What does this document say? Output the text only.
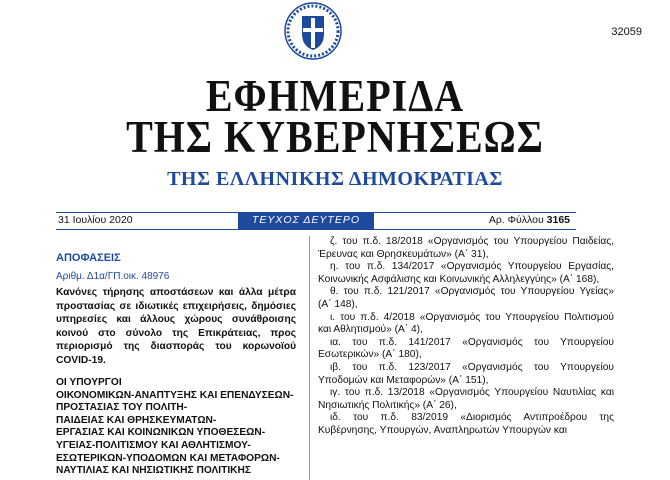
32059
ΕΦΗΜΕΡΙΔΑ
ΤΗΣ ΚΥΒΕΡΝΗΣΕΩΣ
ΤΗΣ ΕΛΛΗΝΙΚΗΣ ΔΗΜΟΚΡΑΤΙΑΣ
31 Ιουλίου 2020	ΤΕΥΧΟΣ ΔΕΥΤΕΡΟ	Αρ. Φύλλου 3165
ΑΠΟΦΑΣΕΙΣ
Αριθμ. Δ1α/ΓΠ.οικ. 48976
Κανόνες τήρησης αποστάσεων και άλλα μέτρα προστασίας σε ιδιωτικές επιχειρήσεις, δημόσιες υπηρεσίες και άλλους χώρους συνάθροισης κοινού στο σύνολο της Επικράτειας, προς περιορισμό της διασποράς του κορωνοϊού COVID-19.
ΟΙ ΥΠΟΥΡΓΟΙ
ΟΙΚΟΝΟΜΙΚΩΝ-ΑΝΑΠΤΥΞΗΣ ΚΑΙ ΕΠΕΝΔΥΣΕΩΝ-
ΠΡΟΣΤΑΣΙΑΣ ΤΟΥ ΠΟΛΙΤΗ-
ΠΑΙΔΕΙΑΣ ΚΑΙ ΘΡΗΣΚΕΥΜΑΤΩΝ-
ΕΡΓΑΣΙΑΣ ΚΑΙ ΚΟΙΝΩΝΙΚΩΝ ΥΠΟΘΕΣΕΩΝ-
ΥΓΕΙΑΣ-ΠΟΛΙΤΙΣΜΟΥ ΚΑΙ ΑΘΛΗΤΙΣΜΟΥ-
ΕΣΩΤΕΡΙΚΩΝ-ΥΠΟΔΟΜΩΝ ΚΑΙ ΜΕΤΑΦΟΡΩΝ-
ΝΑΥΤΙΛΙΑΣ ΚΑΙ ΝΗΣΙΩΤΙΚΗΣ ΠΟΛΙΤΙΚΗΣ

ζ. του π.δ. 18/2018 «Οργανισμός του Υπουργείου Παιδείας, Έρευνας και Θρησκευμάτων» (Α΄ 31),

η. του π.δ. 134/2017 «Οργανισμός Υπουργείου Εργασίας, Κοινωνικής Ασφάλισης και Κοινωνικής Αλληλεγγύης» (Α΄ 168),

θ. του π.δ. 121/2017 «Οργανισμός του Υπουργείου Υγείας» (Α΄ 148),

ι. του π.δ. 4/2018 «Οργανισμός του Υπουργείου Πολιτισμού και Αθλητισμού» (Α΄ 4),

ια. του π.δ. 141/2017 «Οργανισμός του Υπουργείου Εσωτερικών» (Α΄ 180),

ιβ. του π.δ. 123/2017 «Οργανισμός του Υπουργείου Υποδομών και Μεταφορών» (Α΄ 151),

ιγ. του π.δ. 13/2018 «Οργανισμός Υπουργείου Ναυτιλίας και Νησιωτικής Πολιτικής» (Α΄ 26),

ιδ. του π.δ. 83/2019 «Διορισμός Αντιπροέδρου της Κυβέρνησης, Υπουργών, Αναπληρωτών Υπουργών και
